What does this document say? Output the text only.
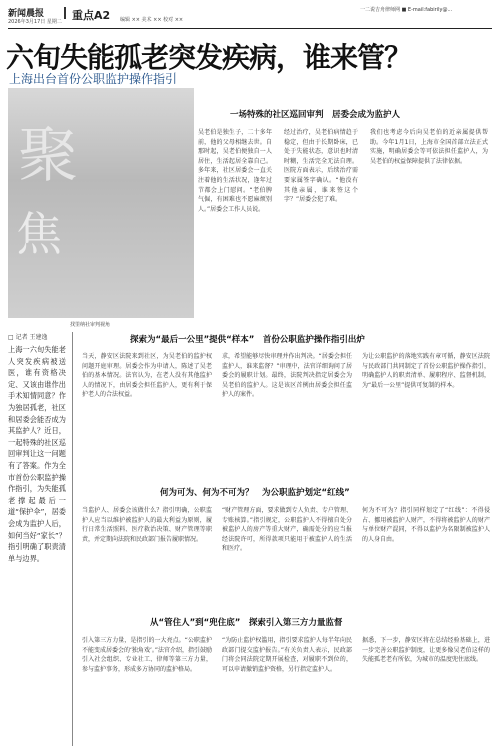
新闻晨报
2026年3月17日 星期二 重点A2 编辑 ×× 美术 ×× 校对 ××
一二说吉舟律师网 ■ E-mail:fabirily@...
六旬失能孤老突发疾病，谁来管？
上海出台首份公职监护操作指引
聚
焦
找里纳社审判视角
一场特殊的社区巡回审判　居委会成为监护人
吴老伯是独生子，二十多年前，他的父母相继去世。自那时起，吴老伯便独自一人居住，生活起居全靠自己。多年来，社区居委会一直关注着他的生活状况，逢年过节都会上门慰问。“老伯脾气倔，有困难也不愿麻烦别人。”居委会工作人员说。
经过治疗，吴老伯病情趋于稳定，但由于长期卧床，已处于失能状态，意识也时清时糊，生活完全无法自理。医院方面表示，后续治疗需要家属签字确认。“他没有其他亲属，谁来签这个字？”居委会犯了难。
我们也考虑今后向吴老伯的近亲属提供帮助。今年1月1日，上海市全国首部立法正式实施，明确居委会等可依法担任监护人，为吴老伯的权益保障提供了法律依据。
探索为“最后一公里”提供“样本”　首份公职监护操作指引出炉
当天，静安区法院来到社区，为吴老伯的监护权问题开庭审理。居委会作为申请人，陈述了吴老伯的基本情况。法官认为，在老人没有其他监护人的情况下，由居委会担任监护人，更有利于保护老人的合法权益。
求，希望能够尽快审理并作出判决。“居委会担任监护人，谁来监督？”审理中，法官详细询问了居委会的履职计划。最终，法院判决指定居委会为吴老伯的监护人。这是该区首例由居委会担任监护人的案件。
为让公职监护的落地实践有章可循，静安区法院与民政部门共同制定了首份公职监护操作指引，明确监护人的职责清单、履职程序、监督机制，为“最后一公里”提供可复制的样本。
何为可为、何为不可为？　为公职监护划定“红线”
当监护人、居委会该做什么？指引明确，公职监护人应当以维护被监护人的最大利益为原则，履行日常生活照料、医疗救治决策、财产管理等职责，并定期向法院和民政部门报告履职情况。
“财产管理方面，要求做到专人负责、专户管理、专账核算。”指引规定，公职监护人不得擅自处分被监护人的房产等重大财产，确需处分的应当报经法院许可，所得款项只能用于被监护人的生活和医疗。
何为不可为？指引同样划定了“红线”：不得侵占、挪用被监护人财产，不得将被监护人的财产与单位财产混同，不得以监护为名限制被监护人的人身自由。
从“管住人”到“兜住底”　探索引入第三方力量监督
引入第三方力量，是指引的一大亮点。“公职监护不能变成居委会的‘独角戏’。”法官介绍，指引鼓励引入社会组织、专业社工、律师等第三方力量，参与监护事务，形成多方协同的监护格局。
“为防止监护权滥用，指引要求监护人每半年向民政部门提交监护报告。”有关负责人表示，民政部门将会同法院定期开展检查，对履职不到位的，可以申请撤销监护资格，另行指定监护人。
据悉，下一步，静安区将在总结经验基础上，进一步完善公职监护制度，让更多像吴老伯这样的失能孤老老有所依，为城市的温度兜住底线。
□ 记者 王建逸
上海一六旬失能老人突发疾病被送医，谁有资格决定、又该由谁作出手术知情同意？作为独居孤老，社区和居委会能否成为其监护人？近日，一起特殊的社区巡回审判让这一问题有了答案。作为全市首份公职监护操作指引，为失能孤老撑起最后一道“保护伞”，居委会成为监护人后，如何当好“家长”？指引明确了职责清单与边界。
